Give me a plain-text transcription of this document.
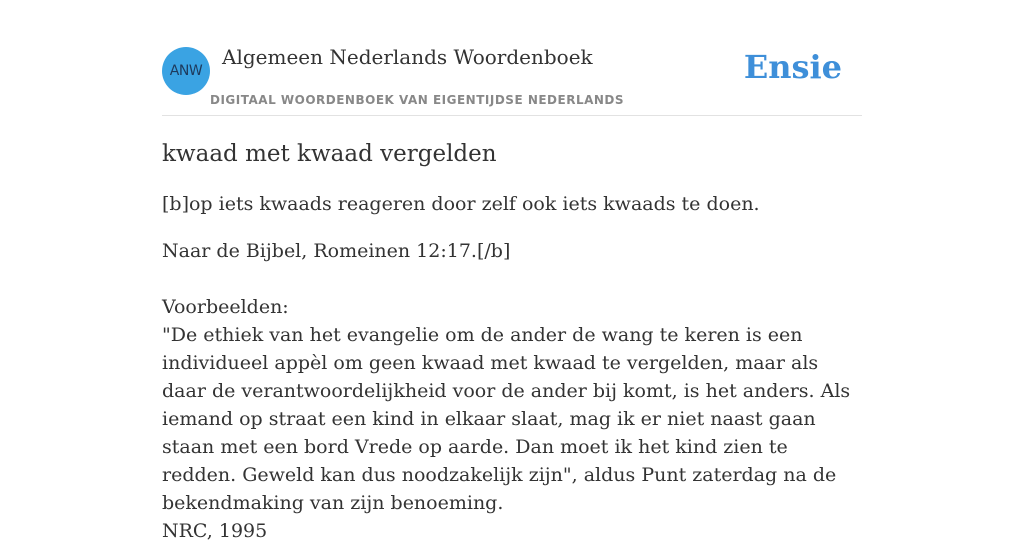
ANW
Algemeen Nederlands Woordenboek
DIGITAAL WOORDENBOEK VAN EIGENTIJDSE NEDERLANDS
Ensie
kwaad met kwaad vergelden

[b]op iets kwaads reageren door zelf ook iets kwaads te doen.

Naar de Bijbel, Romeinen 12:17.[/b]

Voorbeelden:

"De ethiek van het evangelie om de ander de wang te keren is een individueel appèl om geen kwaad met kwaad te vergelden, maar als daar de verantwoordelijkheid voor de ander bij komt, is het anders. Als iemand op straat een kind in elkaar slaat, mag ik er niet naast gaan staan met een bord Vrede op aarde. Dan moet ik het kind zien te redden. Geweld kan dus noodzakelijk zijn", aldus Punt zaterdag na de bekendmaking van zijn benoeming.

NRC, 1995
